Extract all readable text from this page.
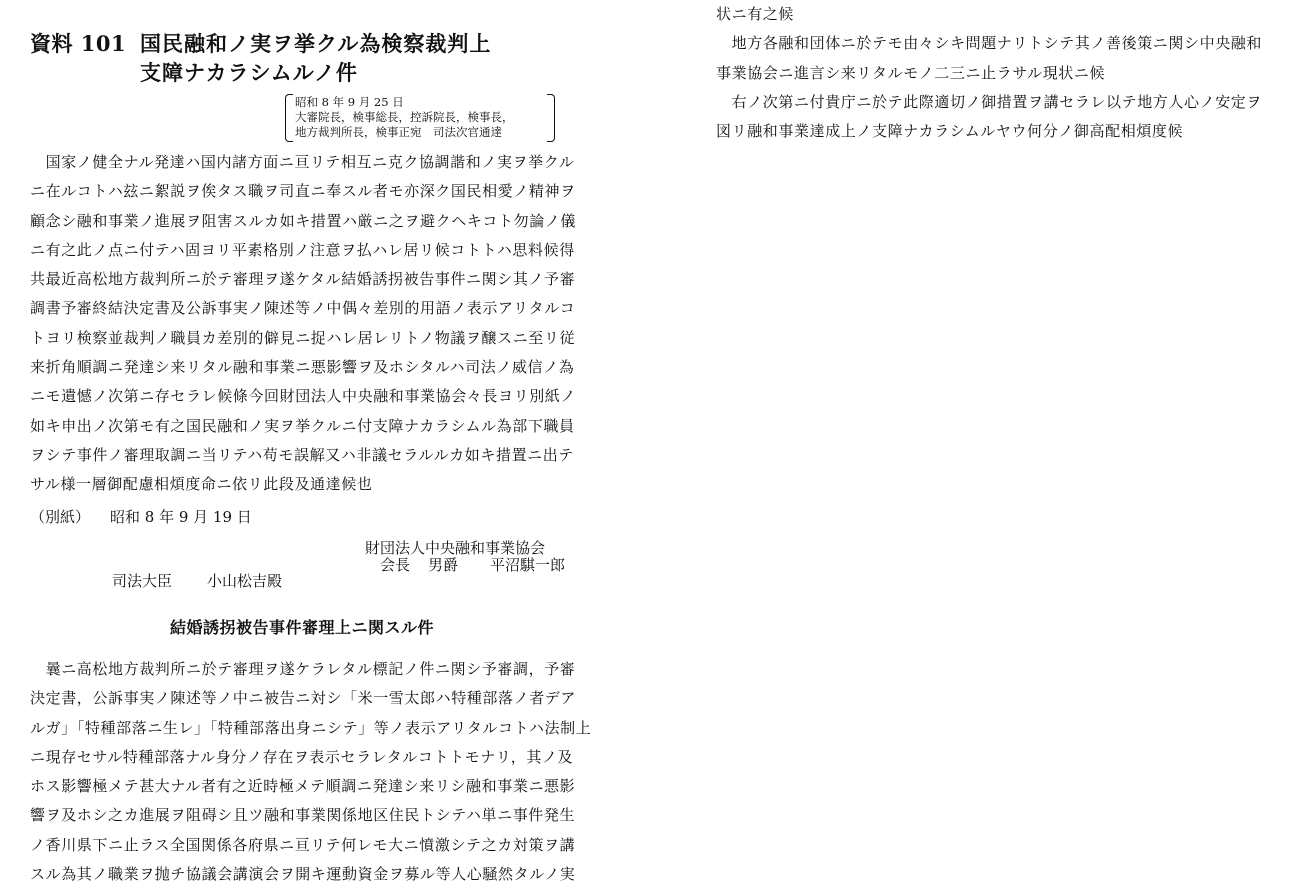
資料 101 国民融和ノ実ヲ挙クル為検察裁判上
支障ナカラシムルノ件
昭和 8 年 9 月 25 日
大審院長，検事総長，控訴院長，検事長，
地方裁判所長，検事正宛　司法次官通達
　国家ノ健全ナル発達ハ国内諸方面ニ亘リテ相互ニ克ク協調諧和ノ実ヲ挙クル
ニ在ルコトハ玆ニ絮説ヲ俟タス職ヲ司直ニ奉スル者モ亦深ク国民相愛ノ精神ヲ
顧念シ融和事業ノ進展ヲ阻害スルカ如キ措置ハ厳ニ之ヲ避クヘキコト勿論ノ儀
ニ有之此ノ点ニ付テハ固ヨリ平素格別ノ注意ヲ払ハレ居リ候コトトハ思料候得
共最近高松地方裁判所ニ於テ審理ヲ遂ケタル結婚誘拐被告事件ニ関シ其ノ予審
調書予審終結決定書及公訴事実ノ陳述等ノ中偶々差別的用語ノ表示アリタルコ
トヨリ検察並裁判ノ職員カ差別的僻見ニ捉ハレ居レリトノ物議ヲ醸スニ至リ従
来折角順調ニ発達シ来リタル融和事業ニ悪影響ヲ及ホシタルハ司法ノ威信ノ為
ニモ遺憾ノ次第ニ存セラレ候條今回財団法人中央融和事業協会々長ヨリ別紙ノ
如キ申出ノ次第モ有之国民融和ノ実ヲ挙クルニ付支障ナカラシムル為部下職員
ヲシテ事件ノ審理取調ニ当リテハ苟モ誤解又ハ非議セラルルカ如キ措置ニ出テ
サル様一層御配慮相煩度命ニ依リ此段及通達候也
（別紙） 昭和 8 年 9 月 19 日
財団法人中央融和事業協会
会長 男爵 平沼騏一郎
司法大臣 小山松吉殿
結婚誘拐被告事件審理上ニ関スル件
　曩ニ高松地方裁判所ニ於テ審理ヲ遂ケラレタル標記ノ件ニ関シ予審調，予審
決定書，公訴事実ノ陳述等ノ中ニ被告ニ対シ「米一雪太郎ハ特種部落ノ者デア
ルガ」「特種部落ニ生レ」「特種部落出身ニシテ」等ノ表示アリタルコトハ法制上
ニ現存セサル特種部落ナル身分ノ存在ヲ表示セラレタルコトトモナリ，其ノ及
ホス影響極メテ甚大ナル者有之近時極メテ順調ニ発達シ来リシ融和事業ニ悪影
響ヲ及ホシ之カ進展ヲ阻碍シ且ツ融和事業関係地区住民トシテハ単ニ事件発生
ノ香川県下ニ止ラス全国関係各府県ニ亘リテ何レモ大ニ憤激シテ之カ対策ヲ講
スル為其ノ職業ヲ抛チ協議会講演会ヲ開キ運動資金ヲ募ル等人心騒然タルノ実
状ニ有之候
　地方各融和団体ニ於テモ由々シキ問題ナリトシテ其ノ善後策ニ関シ中央融和
事業協会ニ進言シ来リタルモノ二三ニ止ラサル現状ニ候
　右ノ次第ニ付貴庁ニ於テ此際適切ノ御措置ヲ講セラレ以テ地方人心ノ安定ヲ
図リ融和事業達成上ノ支障ナカラシムルヤウ何分ノ御高配相煩度候
